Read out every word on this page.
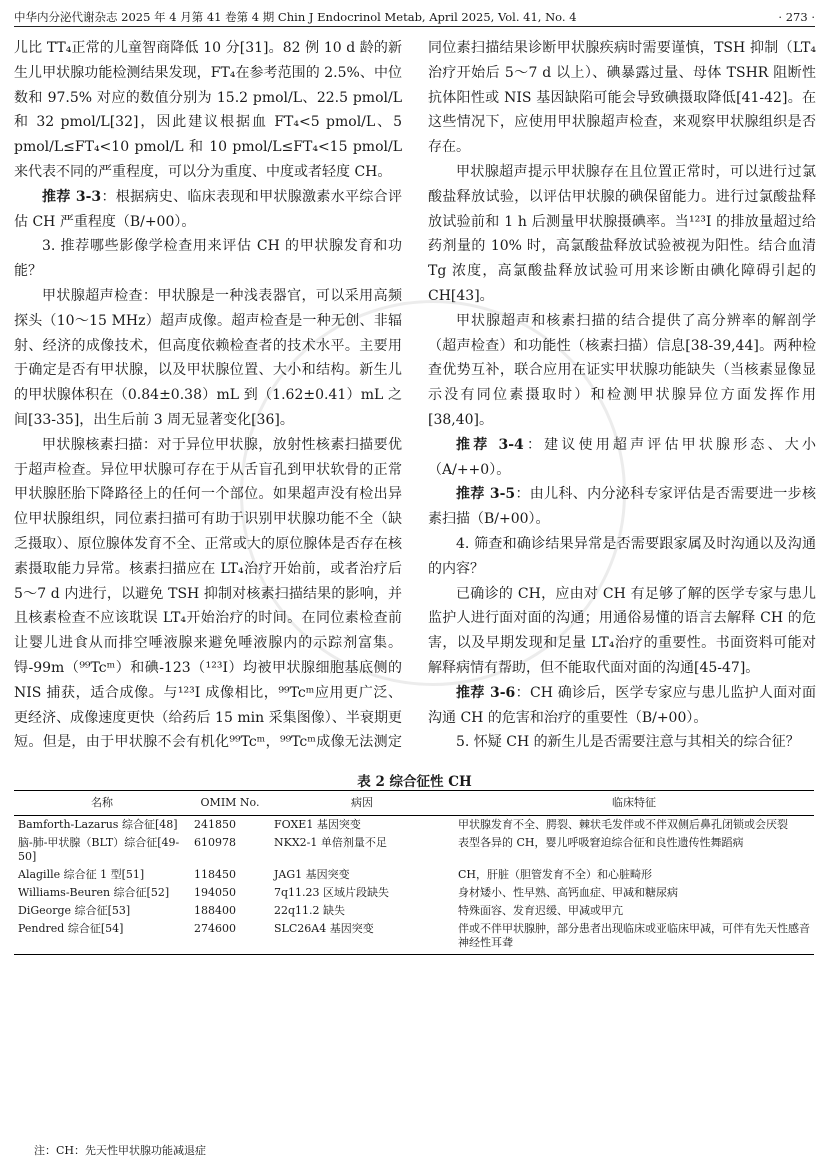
中华内分泌代谢杂志 2025 年 4 月第 41 卷第 4 期 Chin J Endocrinol Metab, April 2025, Vol. 41, No. 4	· 273 ·

儿比 TT₄正常的儿童智商降低 10 分[31]。82 例 10 d 龄的新生儿甲状腺功能检测结果发现，FT₄在参考范围的 2.5%、中位数和 97.5% 对应的数值分别为 15.2 pmol/L、22.5 pmol/L 和 32 pmol/L[32]，因此建议根据血 FT₄<5 pmol/L、5 pmol/L≤FT₄<10 pmol/L 和 10 pmol/L≤FT₄<15 pmol/L 来代表不同的严重程度，可以分为重度、中度或者轻度 CH。

推荐 3-3：根据病史、临床表现和甲状腺激素水平综合评估 CH 严重程度（B/+00）。

3. 推荐哪些影像学检查用来评估 CH 的甲状腺发育和功能？

甲状腺超声检查：甲状腺是一种浅表器官，可以采用高频探头（10～15 MHz）超声成像。超声检查是一种无创、非辐射、经济的成像技术，但高度依赖检查者的技术水平。主要用于确定是否有甲状腺，以及甲状腺位置、大小和结构。新生儿的甲状腺体积在（0.84±0.38）mL 到（1.62±0.41）mL 之间[33-35]，出生后前 3 周无显著变化[36]。

甲状腺核素扫描：对于异位甲状腺，放射性核素扫描要优于超声检查。异位甲状腺可存在于从舌盲孔到甲状软骨的正常甲状腺胚胎下降路径上的任何一个部位。如果超声没有检出异位甲状腺组织，同位素扫描可有助于识别甲状腺功能不全（缺乏摄取）、原位腺体发育不全、正常或大的原位腺体是否存在核素摄取能力异常。核素扫描应在 LT₄治疗开始前，或者治疗后 5～7 d 内进行，以避免 TSH 抑制对核素扫描结果的影响，并且核素检查不应该耽误 LT₄开始治疗的时间。在同位素检查前让婴儿进食从而排空唾液腺来避免唾液腺内的示踪剂富集。锝-99m（⁹⁹Tcᵐ）和碘-123（¹²³I）均被甲状腺细胞基底侧的 NIS 捕获，适合成像。与¹²³I 成像相比，⁹⁹Tcᵐ应用更广泛、更经济、成像速度更快（给药后 15 min 采集图像）、半衰期更短。但是，由于甲状腺不会有机化⁹⁹Tcᵐ，⁹⁹Tcᵐ成像无法测定

同位素扫描结果诊断甲状腺疾病时需要谨慎，TSH 抑制（LT₄治疗开始后 5～7 d 以上）、碘暴露过量、母体 TSHR 阻断性抗体阳性或 NIS 基因缺陷可能会导致碘摄取降低[41-42]。在这些情况下，应使用甲状腺超声检查，来观察甲状腺组织是否存在。

甲状腺超声提示甲状腺存在且位置正常时，可以进行过氯酸盐释放试验，以评估甲状腺的碘保留能力。进行过氯酸盐释放试验前和 1 h 后测量甲状腺摄碘率。当¹²³I 的排放量超过给药剂量的 10% 时，高氯酸盐释放试验被视为阳性。结合血清 Tg 浓度，高氯酸盐释放试验可用来诊断由碘化障碍引起的 CH[43]。

甲状腺超声和核素扫描的结合提供了高分辨率的解剖学（超声检查）和功能性（核素扫描）信息[38-39,44]。两种检查优势互补，联合应用在证实甲状腺功能缺失（当核素显像显示没有同位素摄取时）和检测甲状腺异位方面发挥作用[38,40]。

推荐 3-4：建议使用超声评估甲状腺形态、大小（A/++0）。

推荐 3-5：由儿科、内分泌科专家评估是否需要进一步核素扫描（B/+00）。

4. 筛查和确诊结果异常是否需要跟家属及时沟通以及沟通的内容？

已确诊的 CH，应由对 CH 有足够了解的医学专家与患儿监护人进行面对面的沟通；用通俗易懂的语言去解释 CH 的危害，以及早期发现和足量 LT₄治疗的重要性。书面资料可能对解释病情有帮助，但不能取代面对面的沟通[45-47]。

推荐 3-6：CH 确诊后，医学专家应与患儿监护人面对面沟通 CH 的危害和治疗的重要性（B/+00）。

5. 怀疑 CH 的新生儿是否需要注意与其相关的综合征？

表 2 综合征性 CH
名称	OMIM No.	病因	临床特征
Bamforth-Lazarus 综合征[48]	241850	FOXE1 基因突变	甲状腺发育不全、腭裂、棘状毛发伴或不伴双侧后鼻孔闭锁或会厌裂
脑-肺-甲状腺（BLT）综合征[49-50]	610978	NKX2-1 单倍剂量不足	表型各异的 CH，婴儿呼吸窘迫综合征和良性遗传性舞蹈病
Alagille 综合征 1 型[51]	118450	JAG1 基因突变	CH，肝脏（胆管发育不全）和心脏畸形
Williams-Beuren 综合征[52]	194050	7q11.23 区域片段缺失	身材矮小、性早熟、高钙血症、甲减和糖尿病
DiGeorge 综合征[53]	188400	22q11.2 缺失	特殊面容、发育迟缓、甲减或甲亢
Pendred 综合征[54]	274600	SLC26A4 基因突变	伴或不伴甲状腺肿，部分患者出现临床或亚临床甲减，可伴有先天性感音神经性耳聋
注：CH：先天性甲状腺功能减退症
